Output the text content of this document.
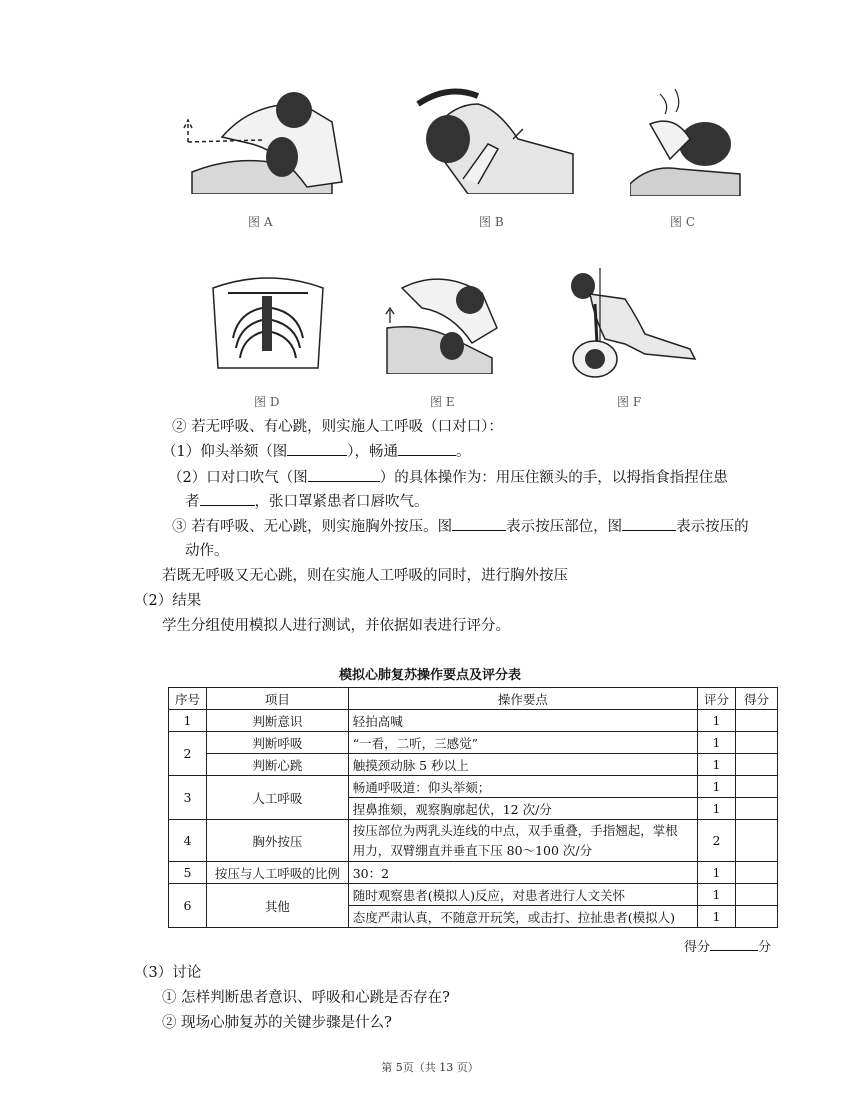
图 A	图 B	图 C
图 D	图 E	图 F
② 若无呼吸、有心跳，则实施人工呼吸（口对口）：
（1）仰头举颏（图	），畅通	。
（2）口对口吹气（图	）的具体操作为：用压住额头的手，以拇指食指捏住患
者	，张口罩紧患者口唇吹气。
③ 若有呼吸、无心跳，则实施胸外按压。图	表示按压部位，图	表示按压的
动作。
若既无呼吸又无心跳，则在实施人工呼吸的同时，进行胸外按压
（2）结果
学生分组使用模拟人进行测试，并依据如表进行评分。
模拟心肺复苏操作要点及评分表
序号	项目	操作要点	评分	得分
1	判断意识	轻拍高喊	1	
2	判断呼吸	“一看，二听，三感觉”	1	
	判断心跳	触摸颈动脉 5 秒以上	1	
3	人工呼吸	畅通呼吸道：仰头举颏；	1	
		捏鼻推颏，观察胸廓起伏，12 次/分	1	
4	胸外按压	按压部位为两乳头连线的中点，双手重叠，手指翘起，掌根
用力，双臂绷直并垂直下压 80～100 次/分	2	
5	按压与人工呼吸的比例	30：2	1	
6	其他	随时观察患者(模拟人)反应，对患者进行人文关怀	1	
		态度严肃认真，不随意开玩笑，或击打、拉扯患者(模拟人)	1	
得分	分
（3）讨论
① 怎样判断患者意识、呼吸和心跳是否存在?
② 现场心肺复苏的关键步骤是什么?
第 5页（共 13 页）
